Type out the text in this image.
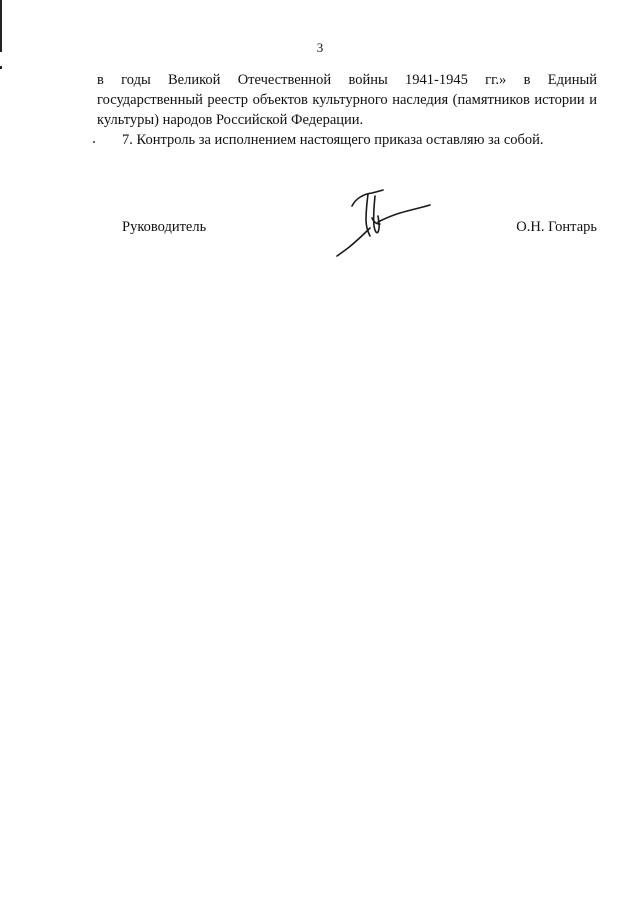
3
в годы Великой Отечественной войны 1941-1945 гг.» в Единый государственный реестр объектов культурного наследия (памятников истории и культуры) народов Российской Федерации.
7. Контроль за исполнением настоящего приказа оставляю за собой.
Руководитель	О.Н. Гонтарь
